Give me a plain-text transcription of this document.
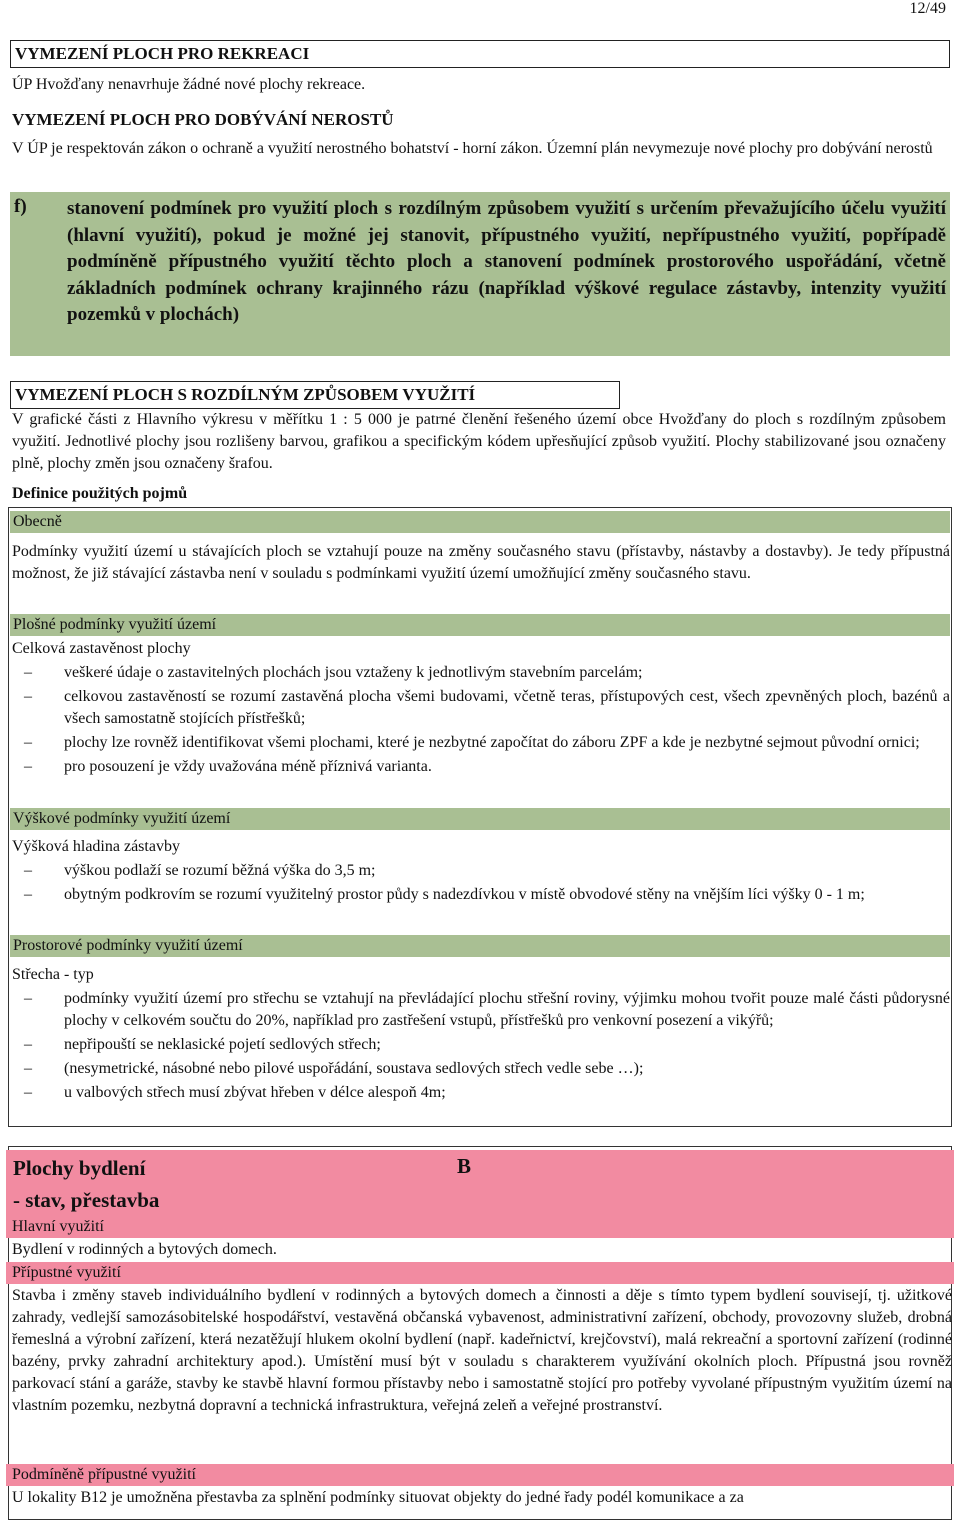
12/49
VYMEZENÍ PLOCH PRO REKREACI
ÚP Hvožďany nenavrhuje žádné nové plochy rekreace.
VYMEZENÍ PLOCH PRO DOBÝVÁNÍ NEROSTŮ
V ÚP je respektován zákon o ochraně a využití nerostného bohatství - horní zákon. Územní plán nevymezuje nové plochy pro dobývání nerostů
f) stanovení podmínek pro využití ploch s rozdílným způsobem využití s určením převažujícího účelu využití (hlavní využití), pokud je možné jej stanovit, přípustného využití, nepřípustného využití, popřípadě podmíněně přípustného využití těchto ploch a stanovení podmínek prostorového uspořádání, včetně základních podmínek ochrany krajinného rázu (například výškové regulace zástavby, intenzity využití pozemků v plochách)
VYMEZENÍ PLOCH S ROZDÍLNÝM ZPŮSOBEM VYUŽITÍ
V grafické části z Hlavního výkresu v měřítku 1 : 5 000 je patrné členění řešeného území obce Hvožďany do ploch s rozdílným způsobem využití. Jednotlivé plochy jsou rozlišeny barvou, grafikou a specifickým kódem upřesňující způsob využití. Plochy stabilizované jsou označeny plně, plochy změn jsou označeny šrafou.
Definice použitých pojmů
Obecně
Podmínky využití území u stávajících ploch se vztahují pouze na změny současného stavu (přístavby, nástavby a dostavby). Je tedy přípustná možnost, že již stávající zástavba není v souladu s podmínkami využití území umožňující změny současného stavu.
Plošné podmínky využití území
Celková zastavěnost plochy
–	veškeré údaje o zastavitelných plochách jsou vztaženy k jednotlivým stavebním parcelám;
–	celkovou zastavěností se rozumí zastavěná plocha všemi budovami, včetně teras, přístupových cest, všech zpevněných ploch, bazénů a všech samostatně stojících přístřešků;
–	plochy lze rovněž identifikovat všemi plochami, které je nezbytné započítat do záboru ZPF a kde je nezbytné sejmout původní ornici;
–	pro posouzení je vždy uvažována méně příznivá varianta.
Výškové podmínky využití území
Výšková hladina zástavby
–	výškou podlaží se rozumí běžná výška do 3,5 m;
–	obytným podkrovím se rozumí využitelný prostor půdy s nadezdívkou v místě obvodové stěny na vnějším líci výšky 0 - 1 m;
Prostorové podmínky využití území
Střecha - typ
–	podmínky využití území pro střechu se vztahují na převládající plochu střešní roviny, výjimku mohou tvořit pouze malé části půdorysné plochy v celkovém součtu do 20%, například pro zastřešení vstupů, přístřešků pro venkovní posezení a vikýřů;
–	nepřipouští se neklasické pojetí sedlových střech;
–	(nesymetrické, násobné nebo pilové uspořádání, soustava sedlových střech vedle sebe …);
–	u valbových střech musí zbývat hřeben v délce alespoň 4m;
Plochy bydlení
- stav, přestavba
B
Hlavní využití
Bydlení v rodinných a bytových domech.
Přípustné využití
Stavba i změny staveb individuálního bydlení v rodinných a bytových domech a činnosti a děje s tímto typem bydlení souvisejí, tj. užitkové zahrady, vedlejší samozásobitelské hospodářství, vestavěná občanská vybavenost, administrativní zařízení, obchody, provozovny služeb, drobná řemeslná a výrobní zařízení, která nezatěžují hlukem okolní bydlení (např. kadeřnictví, krejčovství), malá rekreační a sportovní zařízení (rodinné bazény, prvky zahradní architektury apod.). Umístění musí být v souladu s charakterem využívání okolních ploch. Přípustná jsou rovněž parkovací stání a garáže, stavby ke stavbě hlavní formou přístavby nebo i samostatně stojící pro potřeby vyvolané přípustným využitím území na vlastním pozemku, nezbytná dopravní a technická infrastruktura, veřejná zeleň a veřejné prostranství.
Podmíněně přípustné využití
U lokality B12 je umožněna přestavba za splnění podmínky situovat objekty do jedné řady podél komunikace a za
